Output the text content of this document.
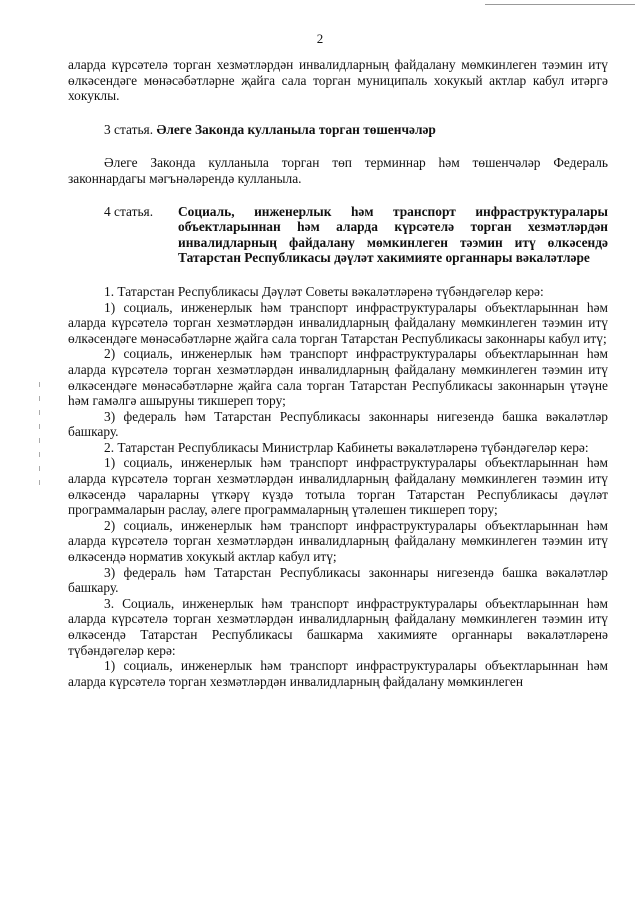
2

аларда күрсәтелә торган хезмәтләрдән инвалидларның файдалану мөмкинлеген тәэмин итү өлкәсендәге мөнәсәбәтләрне җайга сала торган муниципаль хокукый актлар кабул итәргә хокуклы.

3 статья. Әлеге Законда кулланыла торган төшенчәләр

Әлеге Законда кулланыла торган төп терминнар һәм төшенчәләр Федераль законнардагы мәгънәләрендә кулланыла.

4 статья.	Социаль, инженерлык һәм транспорт инфраструктуралары объектларыннан һәм аларда күрсәтелә торган хезмәтләрдән инвалидларның файдалану мөмкинлеген тәэмин итү өлкәсендә Татарстан Республикасы дәүләт хакимияте органнары вәкаләтләре

1. Татарстан Республикасы Дәүләт Советы вәкаләтләренә түбәндәгеләр керә:

1) социаль, инженерлык һәм транспорт инфраструктуралары объектларыннан һәм аларда күрсәтелә торган хезмәтләрдән инвалидларның файдалану мөмкинлеген тәэмин итү өлкәсендәге мөнәсәбәтләрне җайга сала торган Татарстан Республикасы законнары кабул итү;

2) социаль, инженерлык һәм транспорт инфраструктуралары объектларыннан һәм аларда күрсәтелә торган хезмәтләрдән инвалидларның файдалану мөмкинлеген тәэмин итү өлкәсендәге мөнәсәбәтләрне җайга сала торган Татарстан Республикасы законнарын үтәүне һәм гамәлгә ашыруны тикшереп тору;

3) федераль һәм Татарстан Республикасы законнары нигезендә башка вәкаләтләр башкару.

2. Татарстан Республикасы Министрлар Кабинеты вәкаләтләренә түбәндәгеләр керә:

1) социаль, инженерлык һәм транспорт инфраструктуралары объектларыннан һәм аларда күрсәтелә торган хезмәтләрдән инвалидларның файдалану мөмкинлеген тәэмин итү өлкәсендә чараларны үткәрү күздә тотыла торган Татарстан Республикасы дәүләт программаларын раслау, әлеге программаларның үтәлешен тикшереп тору;

2) социаль, инженерлык һәм транспорт инфраструктуралары объектларыннан һәм аларда күрсәтелә торган хезмәтләрдән инвалидларның файдалану мөмкинлеген тәэмин итү өлкәсендә норматив хокукый актлар кабул итү;

3) федераль һәм Татарстан Республикасы законнары нигезендә башка вәкаләтләр башкару.

3. Социаль, инженерлык һәм транспорт инфраструктуралары объектларыннан һәм аларда күрсәтелә торган хезмәтләрдән инвалидларның файдалану мөмкинлеген тәэмин итү өлкәсендә Татарстан Республикасы башкарма хакимияте органнары вәкаләтләренә түбәндәгеләр керә:

1) социаль, инженерлык һәм транспорт инфраструктуралары объектларыннан һәм аларда күрсәтелә торган хезмәтләрдән инвалидларның файдалану мөмкинлеген
